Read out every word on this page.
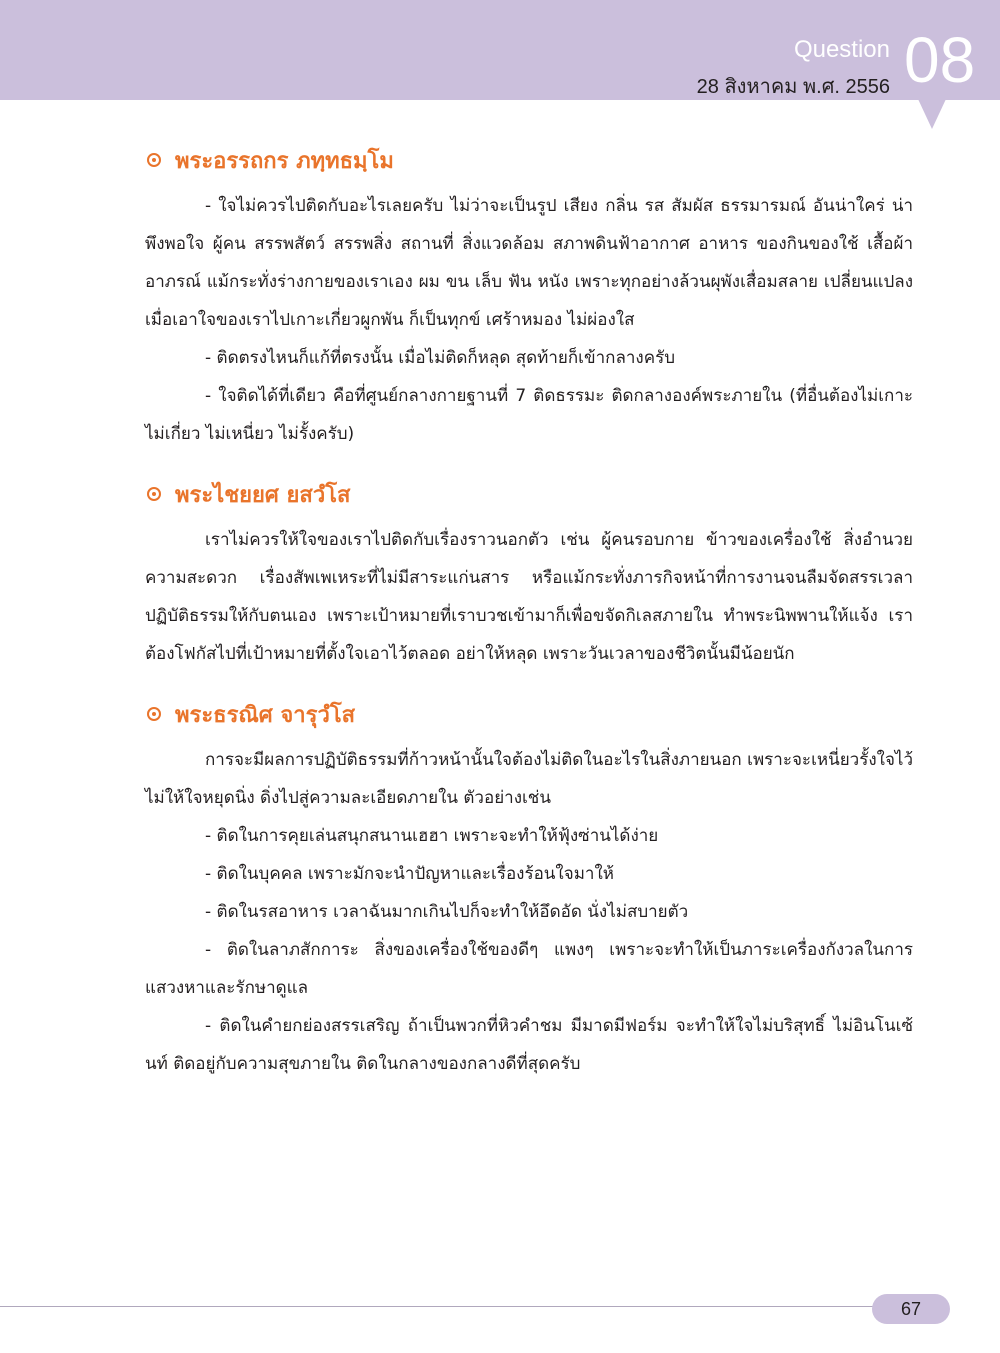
Question
28 สิงหาคม พ.ศ. 2556 08
พระอรรถกร ภทฺทธมฺโม

- ใจไม่ควรไปติดกับอะไรเลยครับ ไม่ว่าจะเป็นรูป เสียง กลิ่น รส สัมผัส ธรรมารมณ์ อันน่าใคร่ น่าพึงพอใจ ผู้คน สรรพสัตว์ สรรพสิ่ง สถานที่ สิ่งแวดล้อม สภาพดินฟ้าอากาศ อาหาร ของกินของใช้ เสื้อผ้าอาภรณ์ แม้กระทั่งร่างกายของเราเอง ผม ขน เล็บ ฟัน หนัง เพราะทุกอย่างล้วนผุพังเสื่อมสลาย เปลี่ยนแปลง เมื่อเอาใจของเราไปเกาะเกี่ยวผูกพัน ก็เป็นทุกข์ เศร้าหมอง ไม่ผ่องใส

- ติดตรงไหนก็แก้ที่ตรงนั้น เมื่อไม่ติดก็หลุด สุดท้ายก็เข้ากลางครับ

- ใจติดได้ที่เดียว คือที่ศูนย์กลางกายฐานที่ 7 ติดธรรมะ ติดกลางองค์พระภายใน (ที่อื่นต้องไม่เกาะ ไม่เกี่ยว ไม่เหนี่ยว ไม่รั้งครับ)

พระไชยยศ ยสวํโส

เราไม่ควรให้ใจของเราไปติดกับเรื่องราวนอกตัว เช่น ผู้คนรอบกาย ข้าวของเครื่องใช้ สิ่งอำนวยความสะดวก เรื่องสัพเพเหระที่ไม่มีสาระแก่นสาร หรือแม้กระทั่งภารกิจหน้าที่การงานจนลืมจัดสรรเวลาปฏิบัติธรรมให้กับตนเอง เพราะเป้าหมายที่เราบวชเข้ามาก็เพื่อขจัดกิเลสภายใน ทำพระนิพพานให้แจ้ง เราต้องโฟกัสไปที่เป้าหมายที่ตั้งใจเอาไว้ตลอด อย่าให้หลุด เพราะวันเวลาของชีวิตนั้นมีน้อยนัก

พระธรณิศ จารุวํโส

การจะมีผลการปฏิบัติธรรมที่ก้าวหน้านั้นใจต้องไม่ติดในอะไรในสิ่งภายนอก เพราะจะเหนี่ยวรั้งใจไว้ไม่ให้ใจหยุดนิ่ง ดิ่งไปสู่ความละเอียดภายใน ตัวอย่างเช่น

- ติดในการคุยเล่นสนุกสนานเฮฮา เพราะจะทำให้ฟุ้งซ่านได้ง่าย

- ติดในบุคคล เพราะมักจะนำปัญหาและเรื่องร้อนใจมาให้

- ติดในรสอาหาร เวลาฉันมากเกินไปก็จะทำให้อึดอัด นั่งไม่สบายตัว

- ติดในลาภสักการะ สิ่งของเครื่องใช้ของดีๆ แพงๆ เพราะจะทำให้เป็นภาระเครื่องกังวลในการแสวงหาและรักษาดูแล

- ติดในคำยกย่องสรรเสริญ ถ้าเป็นพวกที่หิวคำชม มีมาดมีฟอร์ม จะทำให้ใจไม่บริสุทธิ์ ไม่อินโนเซ้นท์ ติดอยู่กับความสุขภายใน ติดในกลางของกลางดีที่สุดครับ

67
